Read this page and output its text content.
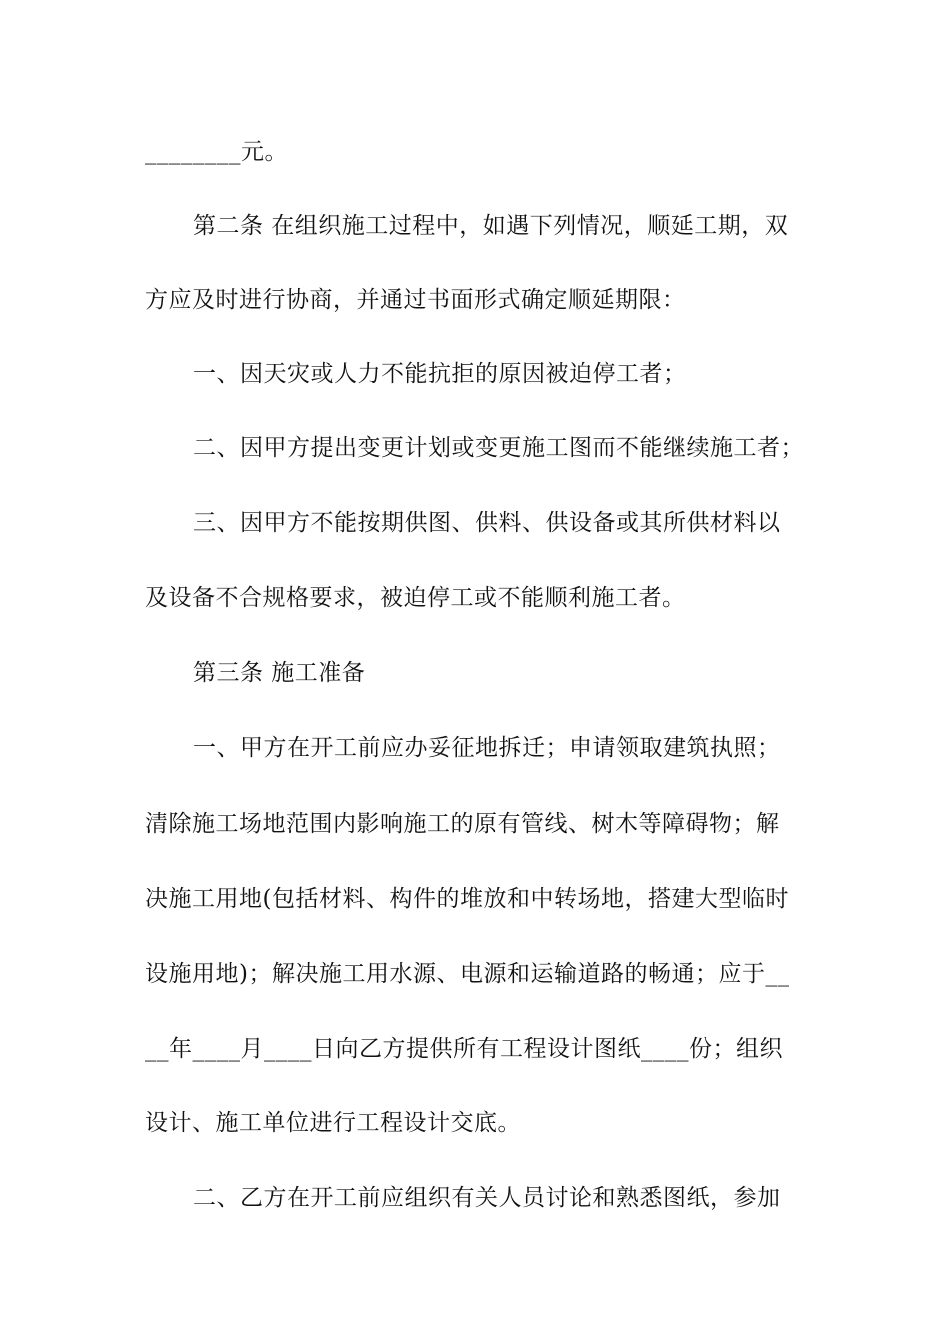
________元。
第二条 在组织施工过程中，如遇下列情况，顺延工期，双
方应及时进行协商，并通过书面形式确定顺延期限：
一、因天灾或人力不能抗拒的原因被迫停工者；
二、因甲方提出变更计划或变更施工图而不能继续施工者；
三、因甲方不能按期供图、供料、供设备或其所供材料以
及设备不合规格要求，被迫停工或不能顺利施工者。
第三条 施工准备
一、甲方在开工前应办妥征地拆迁；申请领取建筑执照；
清除施工场地范围内影响施工的原有管线、树木等障碍物；解
决施工用地(包括材料、构件的堆放和中转场地，搭建大型临时
设施用地)；解决施工用水源、电源和运输道路的畅通；应于__
__年____月____日向乙方提供所有工程设计图纸____份；组织
设计、施工单位进行工程设计交底。
二、乙方在开工前应组织有关人员讨论和熟悉图纸，参加
